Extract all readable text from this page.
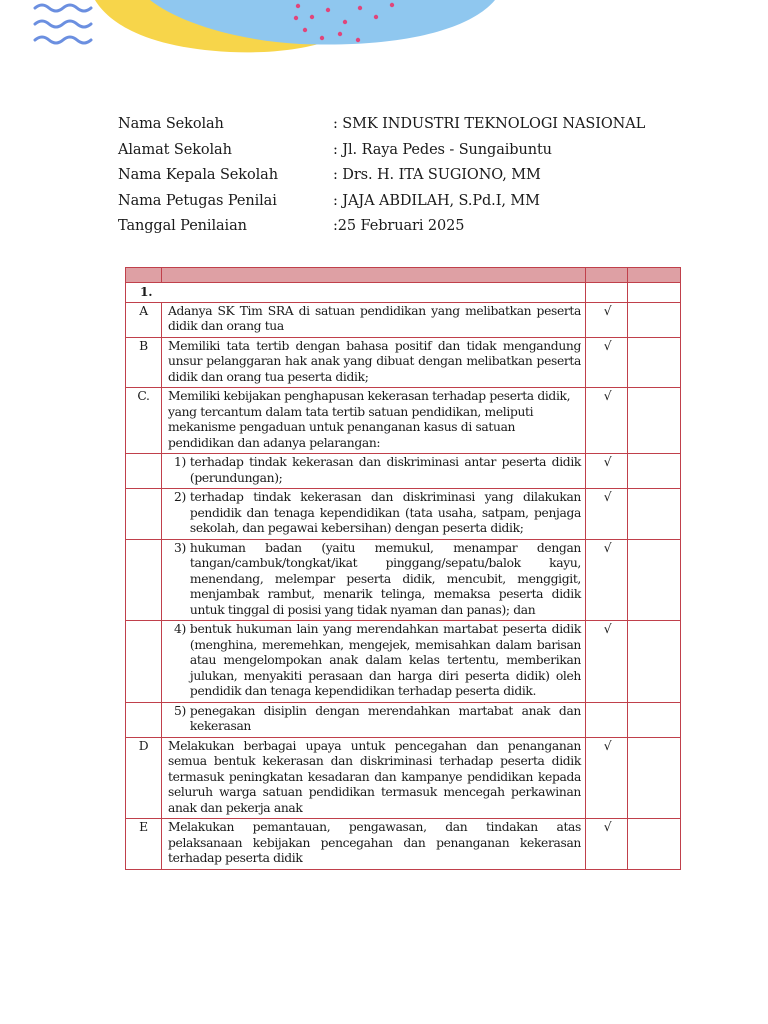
Nama Sekolah	: SMK INDUSTRI TEKNOLOGI NASIONAL
Alamat Sekolah	: Jl. Raya Pedes - Sungaibuntu
Nama Kepala Sekolah	: Drs. H. ITA SUGIONO, MM
Nama Petugas Penilai	: JAJA ABDILAH, S.Pd.I, MM
Tanggal Penilaian	:25 Februari 2025

1.			
A	Adanya SK Tim SRA di satuan pendidikan yang melibatkan peserta didik dan orang tua	√	
B	Memiliki tata tertib dengan bahasa positif dan tidak mengandung unsur pelanggaran hak anak yang dibuat dengan melibatkan peserta didik dan orang tua peserta didik;	√	
C.	Memiliki kebijakan penghapusan kekerasan terhadap peserta didik, yang tercantum dalam tata tertib satuan pendidikan, meliputi mekanisme pengaduan untuk penanganan kasus di satuan pendidikan dan adanya pelarangan:	√	

	1) terhadap tindak kekerasan dan diskriminasi antar peserta didik (perundungan);	√	

	2) terhadap tindak kekerasan dan diskriminasi yang dilakukan pendidik dan tenaga kependidikan (tata usaha, satpam, penjaga sekolah, dan pegawai kebersihan) dengan peserta didik;	√	

	3) hukuman badan (yaitu memukul, menampar dengan tangan/cambuk/tongkat/ikat pinggang/sepatu/balok kayu, menendang, melempar peserta didik, mencubit, menggigit, menjambak rambut, menarik telinga, memaksa peserta didik untuk tinggal di posisi yang tidak nyaman dan panas); dan	√	

	4) bentuk hukuman lain yang merendahkan martabat peserta didik (menghina, meremehkan, mengejek, memisahkan dalam barisan atau mengelompokan anak dalam kelas tertentu, memberikan julukan, menyakiti perasaan dan harga diri peserta didik) oleh pendidik dan tenaga kependidikan terhadap peserta didik.	√	

	5) penegakan disiplin dengan merendahkan martabat anak dan kekerasan		

D	Melakukan berbagai upaya untuk pencegahan dan penanganan semua bentuk kekerasan dan diskriminasi terhadap peserta didik termasuk peningkatan kesadaran dan kampanye pendidikan kepada seluruh warga satuan pendidikan termasuk mencegah perkawinan anak dan pekerja anak	√	
E	Melakukan pemantauan, pengawasan, dan tindakan atas pelaksanaan kebijakan pencegahan dan penanganan kekerasan terhadap peserta didik	√	
